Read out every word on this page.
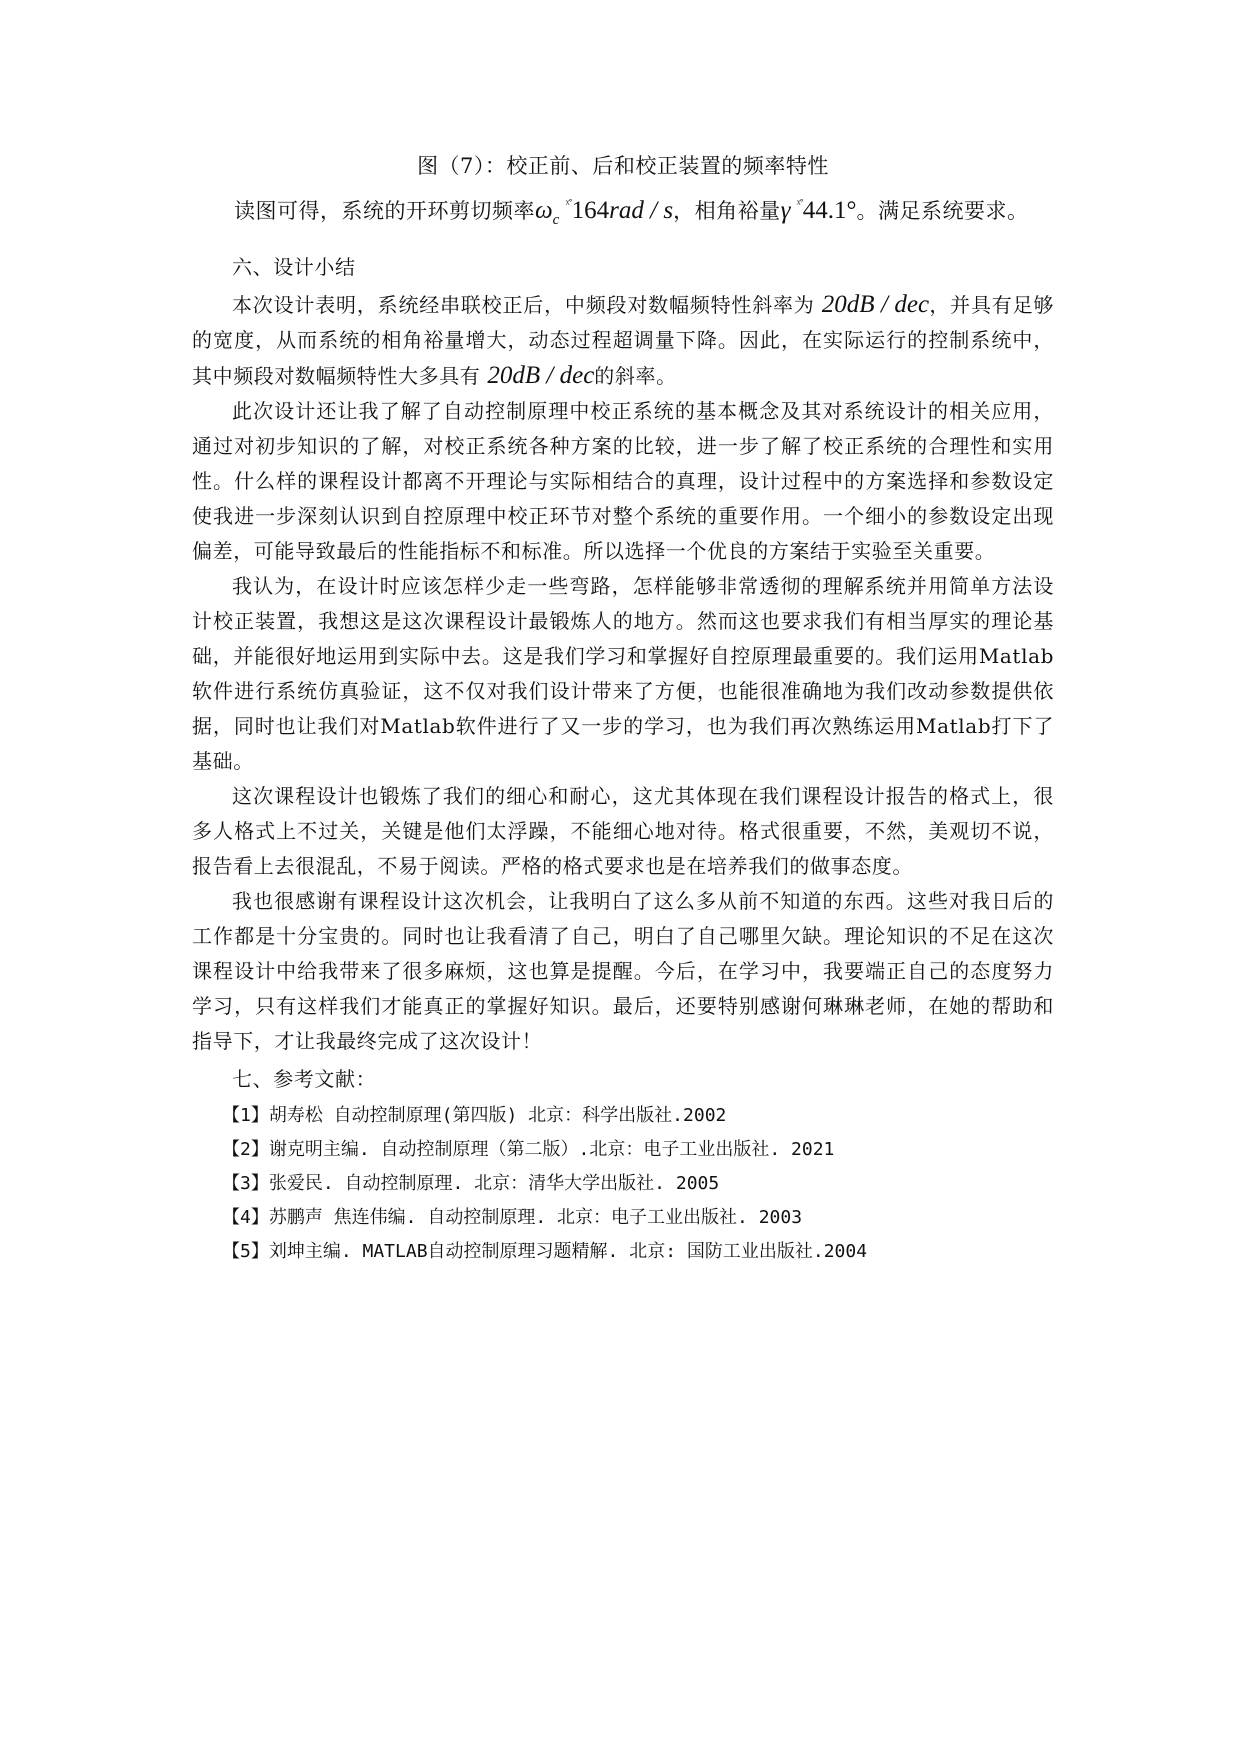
图（7）：校正前、后和校正装置的频率特性
读图可得，系统的开环剪切频率$\omega_c$ $^{ˣ˚}$164rad / s，相角裕量γ $^{ˣ˚}$44.1°。满足系统要求。
六、设计小结

本次设计表明，系统经串联校正后，中频段对数幅频特性斜率为 20dB / dec，并具有足够的宽度，从而系统的相角裕量增大，动态过程超调量下降。因此，在实际运行的控制系统中，其中频段对数幅频特性大多具有 20dB / dec的斜率。

此次设计还让我了解了自动控制原理中校正系统的基本概念及其对系统设计的相关应用，通过对初步知识的了解，对校正系统各种方案的比较，进一步了解了校正系统的合理性和实用性。什么样的课程设计都离不开理论与实际相结合的真理，设计过程中的方案选择和参数设定使我进一步深刻认识到自控原理中校正环节对整个系统的重要作用。一个细小的参数设定出现偏差，可能导致最后的性能指标不和标准。所以选择一个优良的方案结于实验至关重要。

我认为，在设计时应该怎样少走一些弯路，怎样能够非常透彻的理解系统并用简单方法设计校正装置，我想这是这次课程设计最锻炼人的地方。然而这也要求我们有相当厚实的理论基础，并能很好地运用到实际中去。这是我们学习和掌握好自控原理最重要的。我们运用Matlab软件进行系统仿真验证，这不仅对我们设计带来了方便，也能很准确地为我们改动参数提供依据，同时也让我们对Matlab软件进行了又一步的学习，也为我们再次熟练运用Matlab打下了基础。

这次课程设计也锻炼了我们的细心和耐心，这尤其体现在我们课程设计报告的格式上，很多人格式上不过关，关键是他们太浮躁，不能细心地对待。格式很重要，不然，美观切不说，报告看上去很混乱，不易于阅读。严格的格式要求也是在培养我们的做事态度。

我也很感谢有课程设计这次机会，让我明白了这么多从前不知道的东西。这些对我日后的工作都是十分宝贵的。同时也让我看清了自己，明白了自己哪里欠缺。理论知识的不足在这次课程设计中给我带来了很多麻烦，这也算是提醒。今后，在学习中，我要端正自己的态度努力学习，只有这样我们才能真正的掌握好知识。最后，还要特别感谢何琳琳老师，在她的帮助和指导下，才让我最终完成了这次设计！

七、参考文献：
【1】胡寿松 自动控制原理(第四版) 北京：科学出版社.2002
【2】谢克明主编. 自动控制原理（第二版）.北京：电子工业出版社. 2021
【3】张爱民. 自动控制原理. 北京：清华大学出版社. 2005
【4】苏鹏声 焦连伟编. 自动控制原理. 北京：电子工业出版社. 2003
【5】刘坤主编. MATLAB自动控制原理习题精解. 北京: 国防工业出版社.2004
